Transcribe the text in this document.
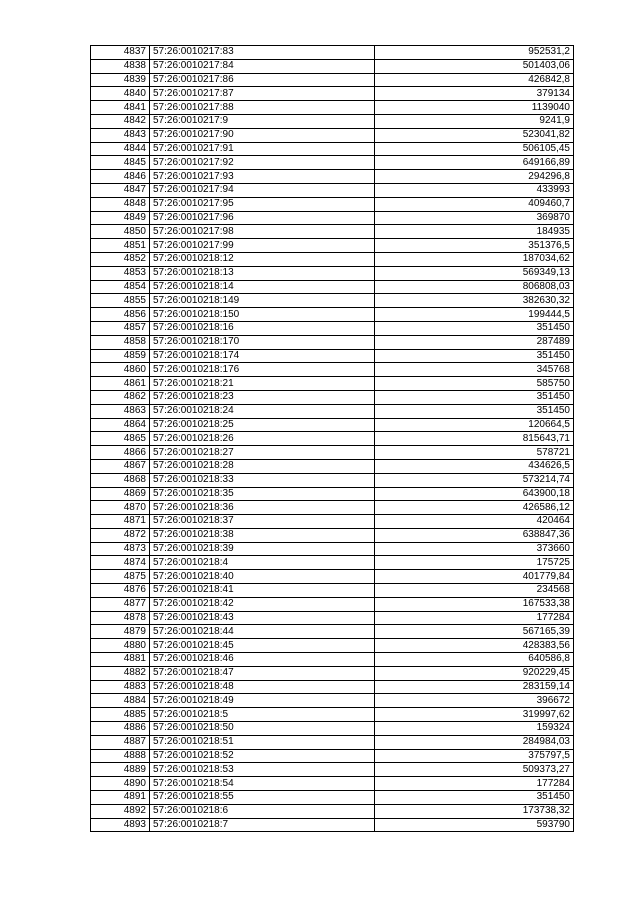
4837	57:26:0010217:83	952531,2
4838	57:26:0010217:84	501403,06
4839	57:26:0010217:86	426842,8
4840	57:26:0010217:87	379134
4841	57:26:0010217:88	1139040
4842	57:26:0010217:9	9241,9
4843	57:26:0010217:90	523041,82
4844	57:26:0010217:91	506105,45
4845	57:26:0010217:92	649166,89
4846	57:26:0010217:93	294296,8
4847	57:26:0010217:94	433993
4848	57:26:0010217:95	409460,7
4849	57:26:0010217:96	369870
4850	57:26:0010217:98	184935
4851	57:26:0010217:99	351376,5
4852	57:26:0010218:12	187034,62
4853	57:26:0010218:13	569349,13
4854	57:26:0010218:14	806808,03
4855	57:26:0010218:149	382630,32
4856	57:26:0010218:150	199444,5
4857	57:26:0010218:16	351450
4858	57:26:0010218:170	287489
4859	57:26:0010218:174	351450
4860	57:26:0010218:176	345768
4861	57:26:0010218:21	585750
4862	57:26:0010218:23	351450
4863	57:26:0010218:24	351450
4864	57:26:0010218:25	120664,5
4865	57:26:0010218:26	815643,71
4866	57:26:0010218:27	578721
4867	57:26:0010218:28	434626,5
4868	57:26:0010218:33	573214,74
4869	57:26:0010218:35	643900,18
4870	57:26:0010218:36	426586,12
4871	57:26:0010218:37	420464
4872	57:26:0010218:38	638847,36
4873	57:26:0010218:39	373660
4874	57:26:0010218:4	175725
4875	57:26:0010218:40	401779,84
4876	57:26:0010218:41	234568
4877	57:26:0010218:42	167533,38
4878	57:26:0010218:43	177284
4879	57:26:0010218:44	567165,39
4880	57:26:0010218:45	428383,56
4881	57:26:0010218:46	640586,8
4882	57:26:0010218:47	920229,45
4883	57:26:0010218:48	283159,14
4884	57:26:0010218:49	396672
4885	57:26:0010218:5	319997,62
4886	57:26:0010218:50	159324
4887	57:26:0010218:51	284984,03
4888	57:26:0010218:52	375797,5
4889	57:26:0010218:53	509373,27
4890	57:26:0010218:54	177284
4891	57:26:0010218:55	351450
4892	57:26:0010218:6	173738,32
4893	57:26:0010218:7	593790
